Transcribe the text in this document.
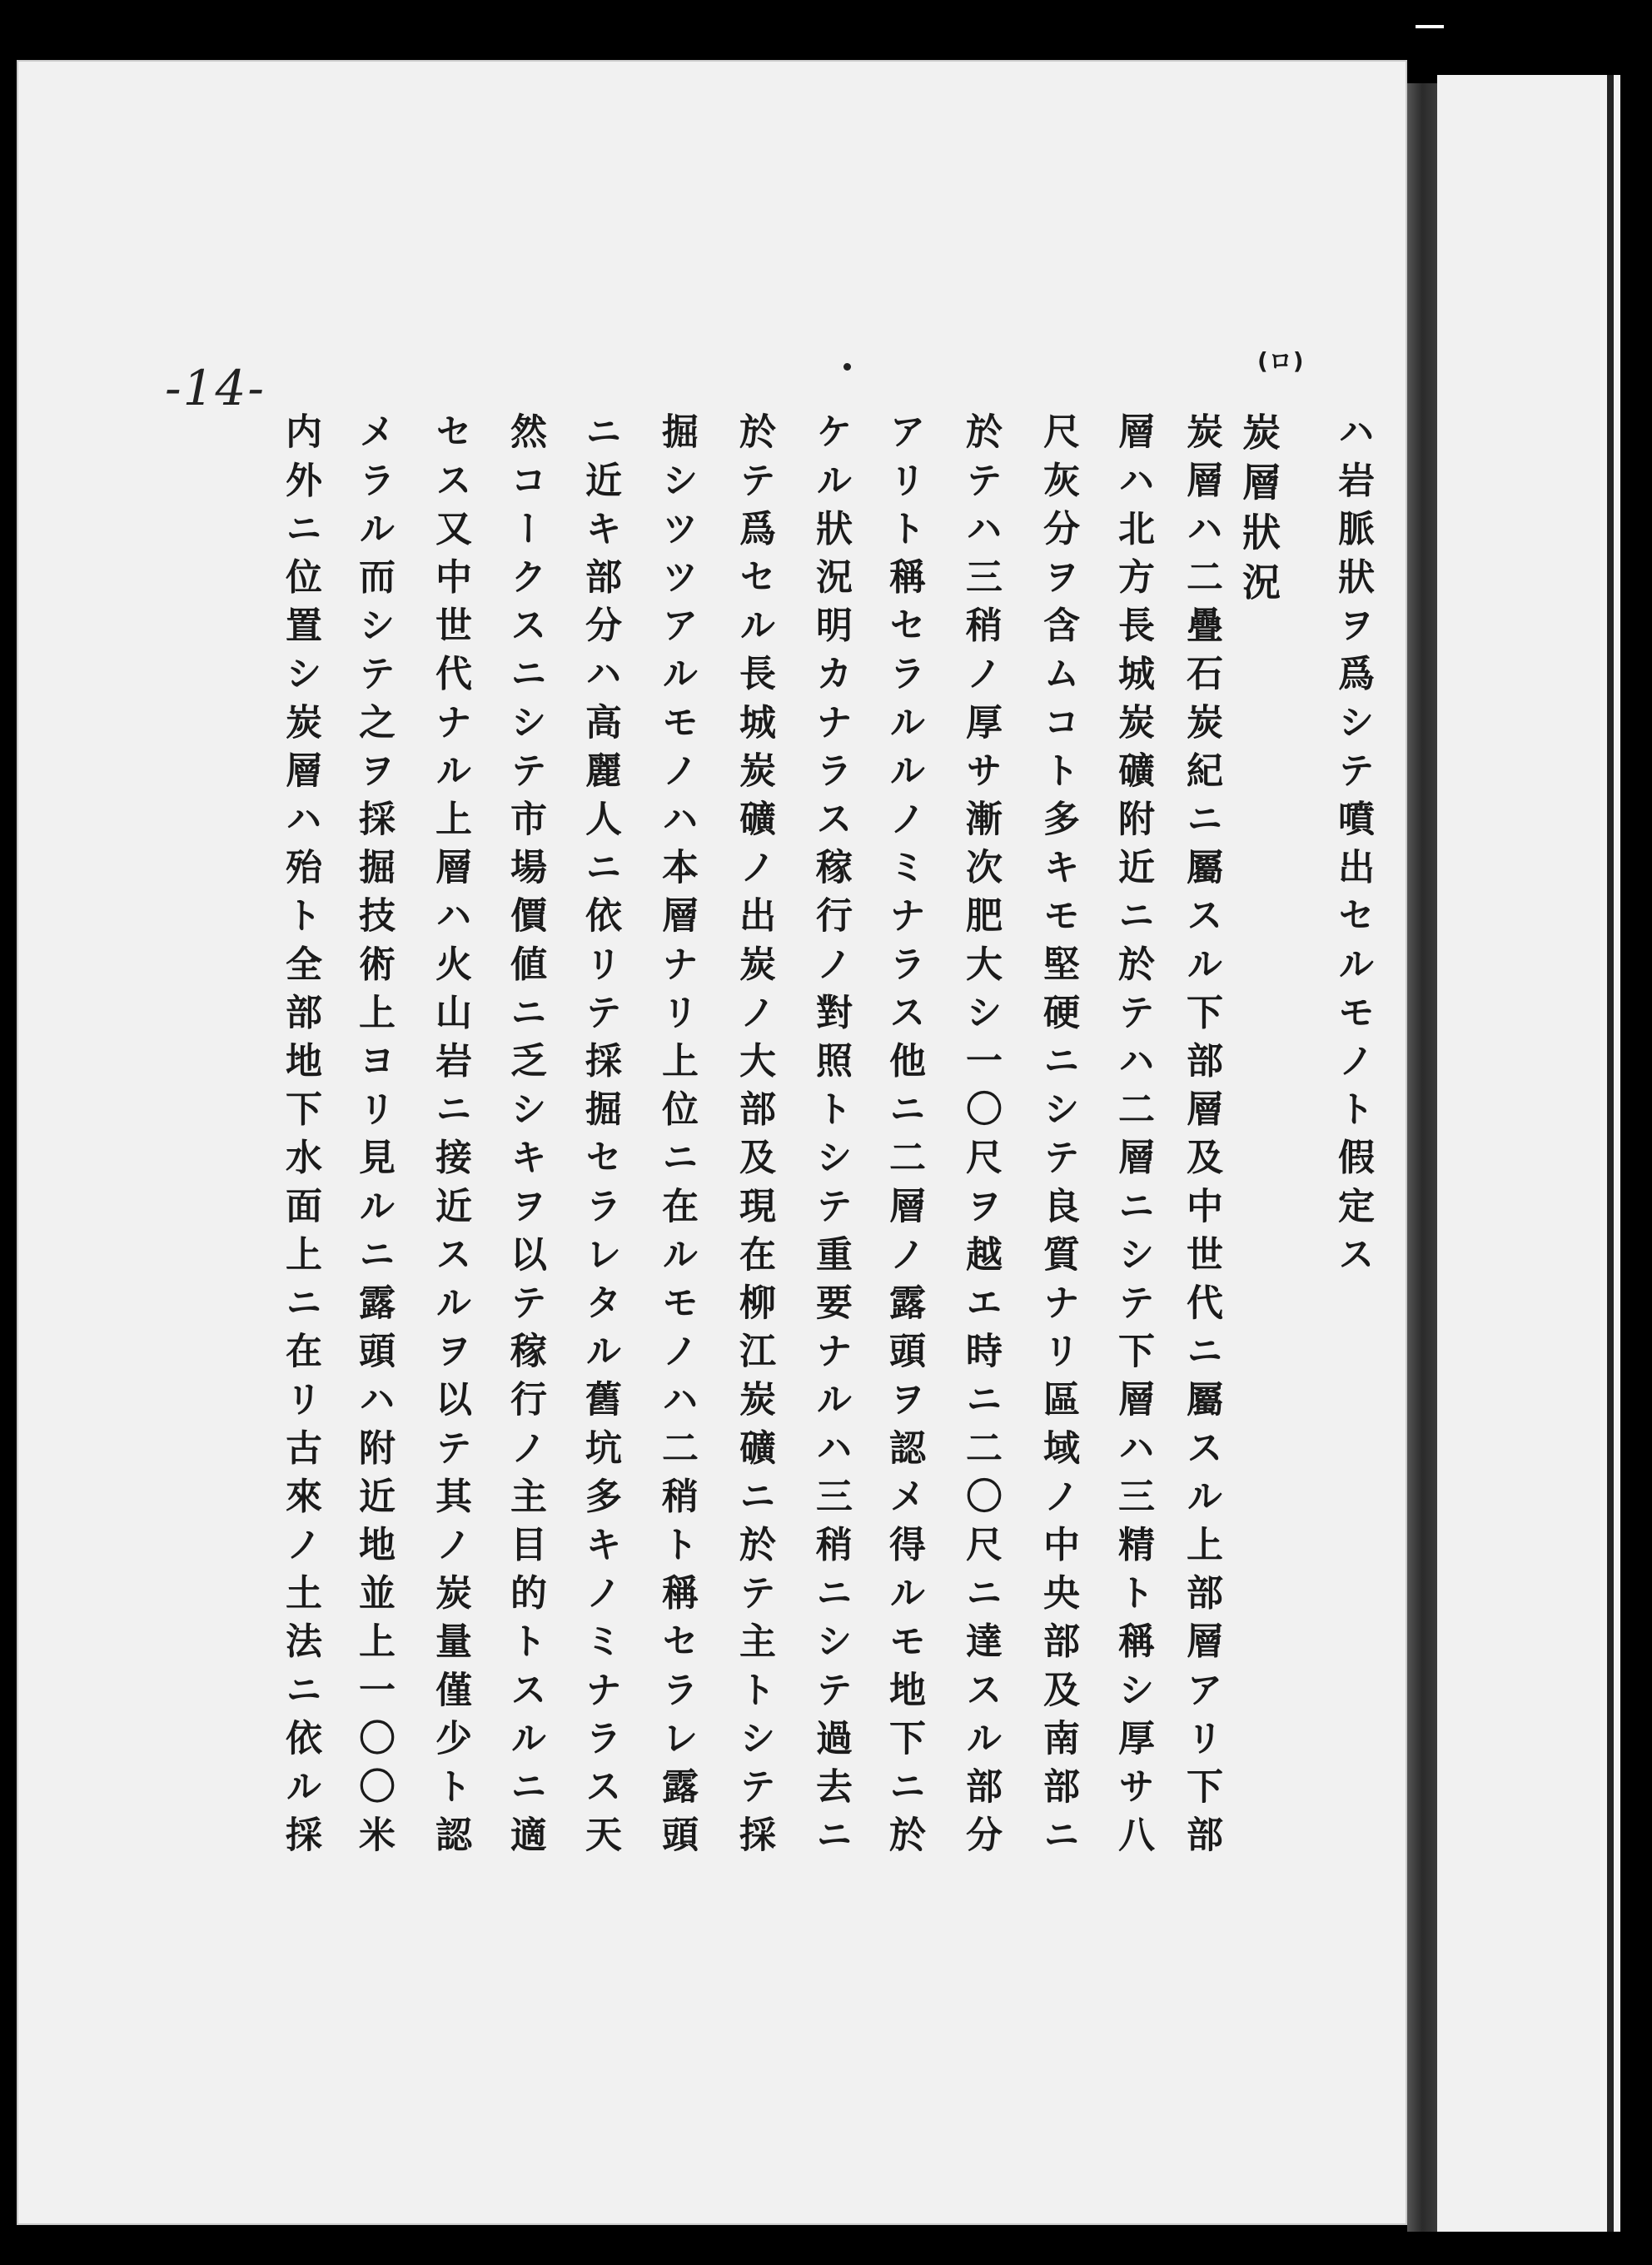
-14-	(ロ)
炭層狀況 ハ岩脈狀ヲ爲シテ噴出セルモノト假定ス
炭層ハ二疊石炭紀ニ屬スル下部層及中世代ニ屬スル上部層アリ下部
層ハ北方長城炭礦附近ニ於テハ二層ニシテ下層ハ三精ト稱シ厚サ八
尺灰分ヲ含ムコト多キモ堅硬ニシテ良質ナリ區域ノ中央部及南部ニ
於テハ三稍ノ厚サ漸次肥大シ一〇尺ヲ越エ時ニ二〇尺ニ達スル部分
アリト稱セラルルノミナラス他ニ二層ノ露頭ヲ認メ得ルモ地下ニ於
ケル狀況明カナラス稼行ノ對照トシテ重要ナルハ三稍ニシテ過去ニ
於テ爲セル長城炭礦ノ出炭ノ大部及現在柳江炭礦ニ於テ主トシテ採
掘シツツアルモノハ本層ナリ上位ニ在ルモノハ二稍ト稱セラレ露頭
ニ近キ部分ハ高麗人ニ依リテ採掘セラレタル舊坑多キノミナラス天
然コークスニシテ市場價値ニ乏シキヲ以テ稼行ノ主目的トスルニ適
セス又中世代ナル上層ハ火山岩ニ接近スルヲ以テ其ノ炭量僅少ト認
メラル而シテ之ヲ採掘技術上ヨリ見ルニ露頭ハ附近地並上一〇〇米
内外ニ位置シ炭層ハ殆ト全部地下水面上ニ在リ古來ノ土法ニ依ル採
